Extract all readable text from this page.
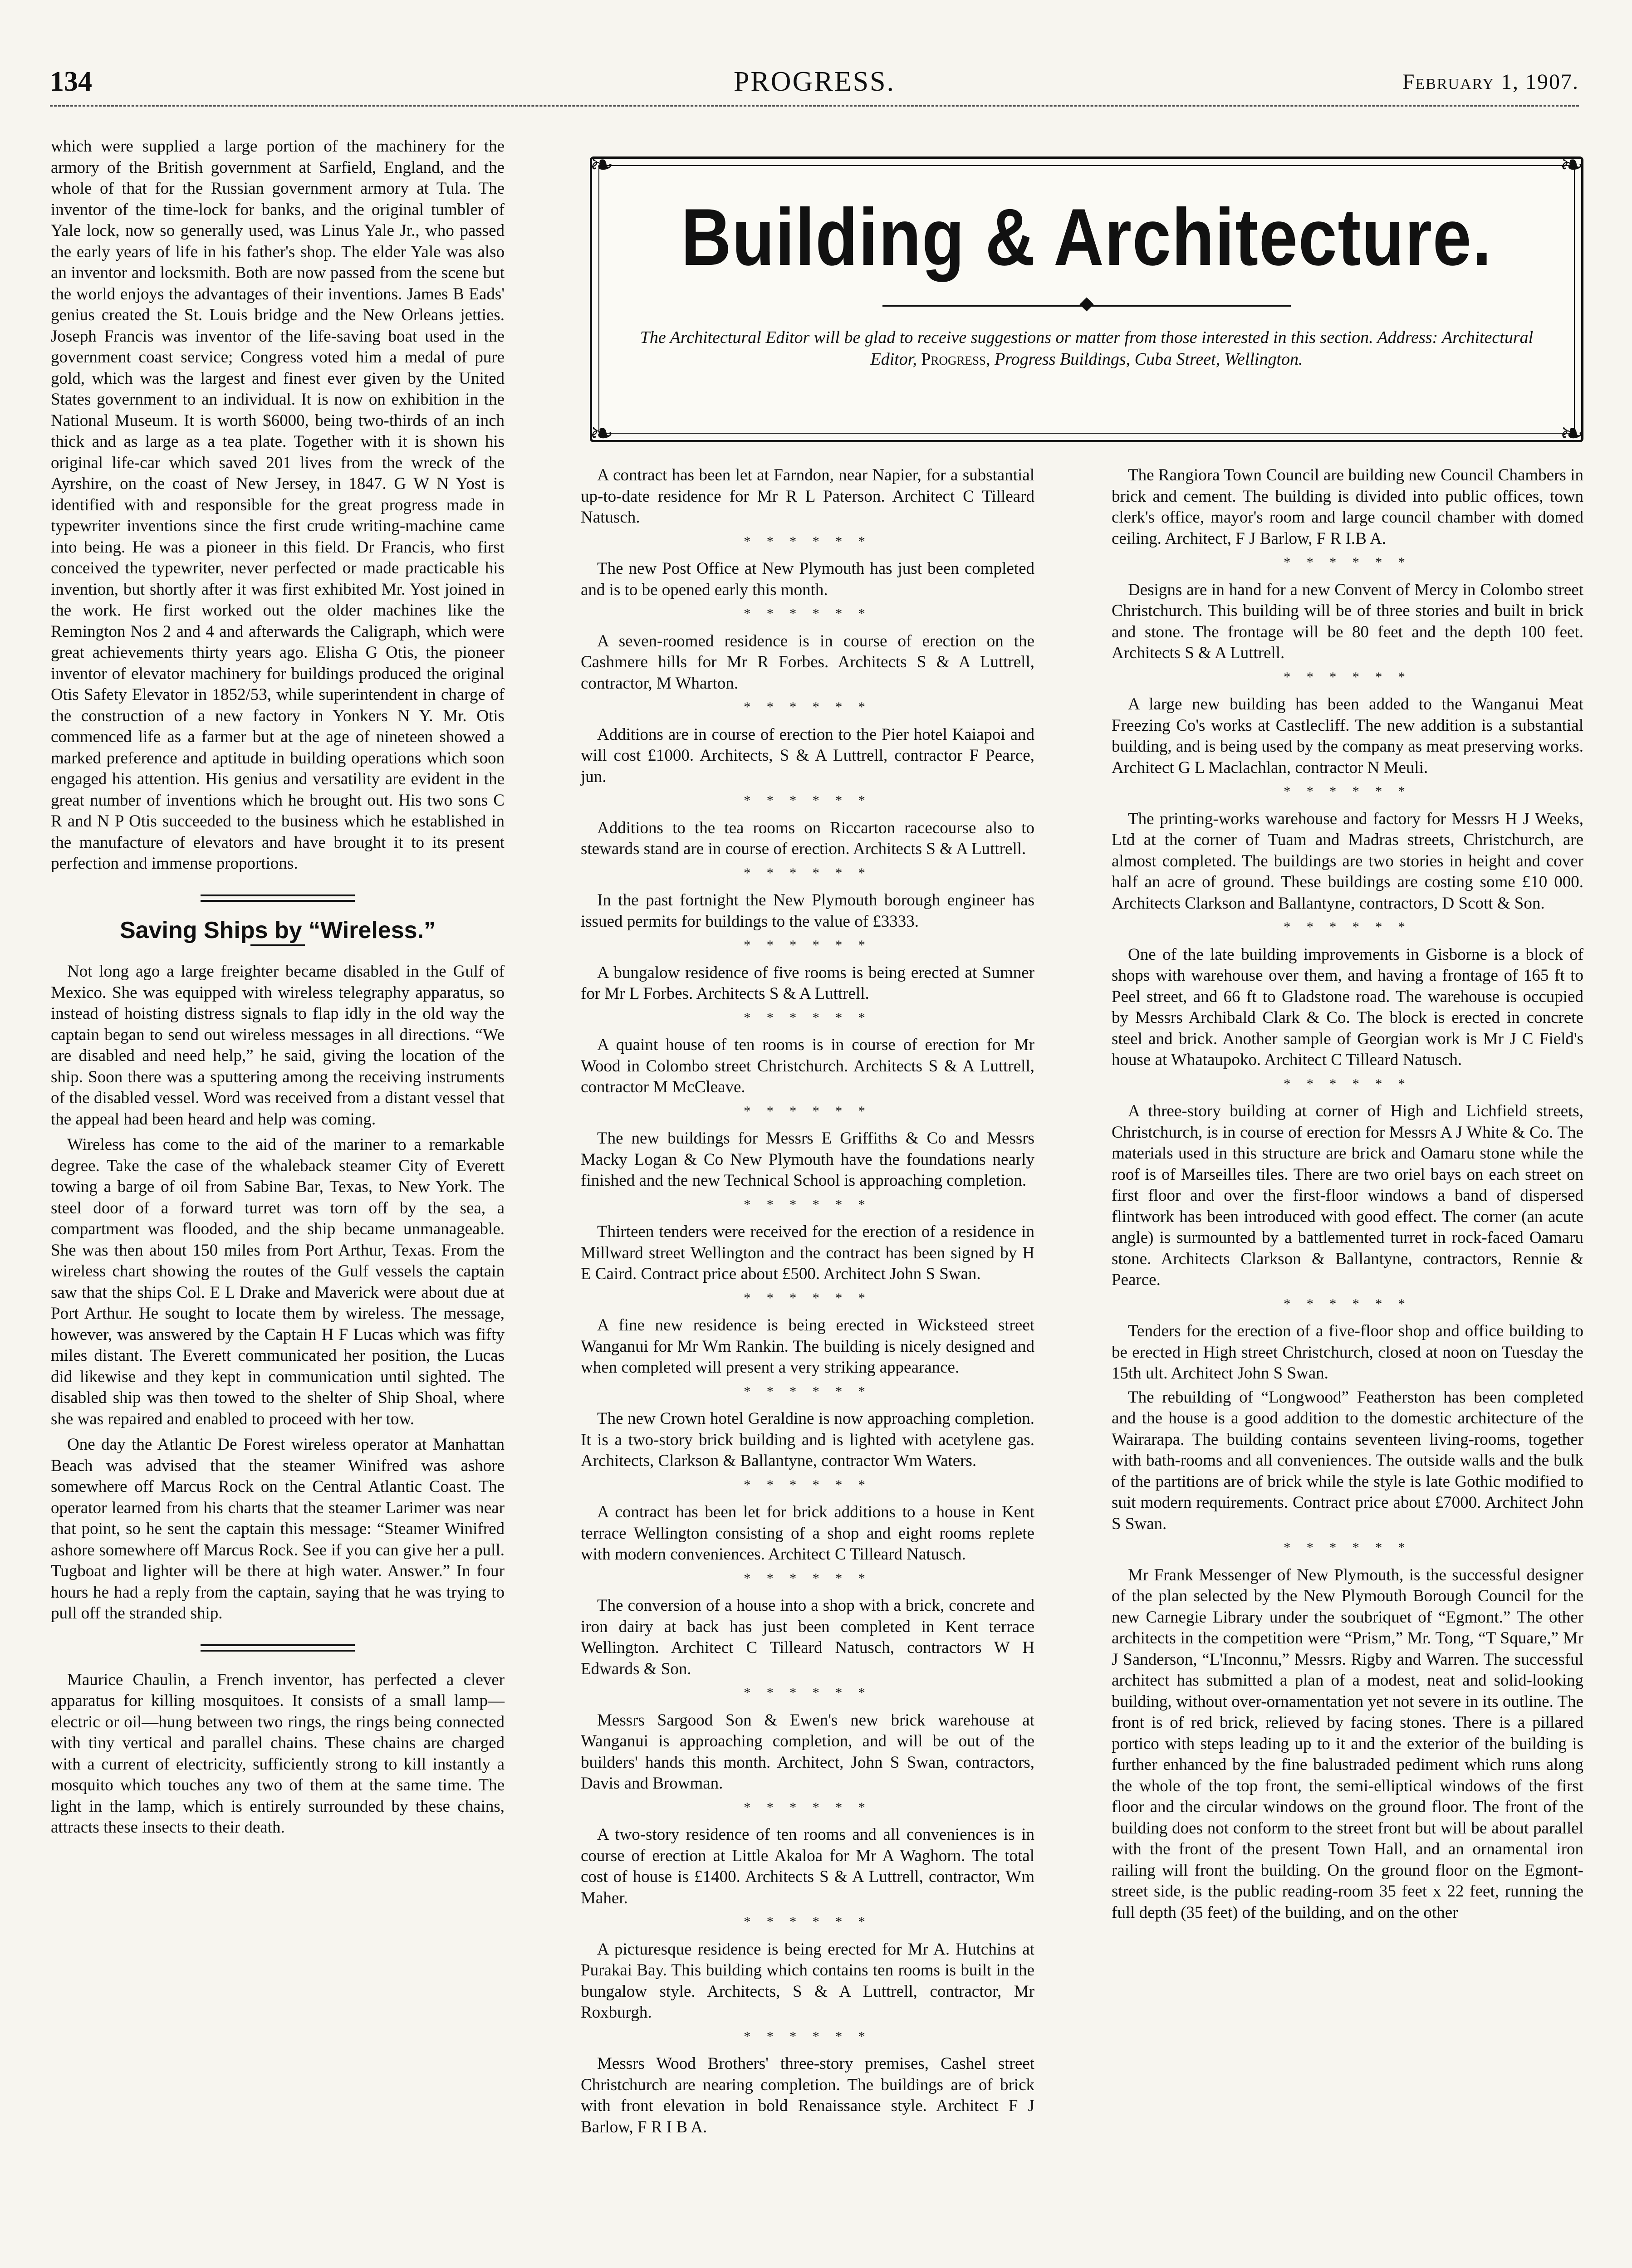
134	PROGRESS.	February 1, 1907.

which were supplied a large portion of the machinery for the armory of the British government at Sarfield, England, and the whole of that for the Russian government armory at Tula. The inventor of the time-lock for banks, and the original tumbler of Yale lock, now so generally used, was Linus Yale Jr., who passed the early years of life in his father's shop. The elder Yale was also an inventor and locksmith. Both are now passed from the scene but the world enjoys the advantages of their inventions. James B Eads' genius created the St. Louis bridge and the New Orleans jetties. Joseph Francis was inventor of the life-saving boat used in the government coast service; Congress voted him a medal of pure gold, which was the largest and finest ever given by the United States government to an individual. It is now on exhibition in the National Museum. It is worth $6000, being two-thirds of an inch thick and as large as a tea plate. Together with it is shown his original life-car which saved 201 lives from the wreck of the Ayrshire, on the coast of New Jersey, in 1847. G W N Yost is identified with and responsible for the great progress made in typewriter inventions since the first crude writing-machine came into being. He was a pioneer in this field. Dr Francis, who first conceived the typewriter, never perfected or made practicable his invention, but shortly after it was first exhibited Mr. Yost joined in the work. He first worked out the older machines like the Remington Nos 2 and 4 and afterwards the Caligraph, which were great achievements thirty years ago. Elisha G Otis, the pioneer inventor of elevator machinery for buildings produced the original Otis Safety Elevator in 1852/53, while superintendent in charge of the construction of a new factory in Yonkers N Y. Mr. Otis commenced life as a farmer but at the age of nineteen showed a marked preference and aptitude in building operations which soon engaged his attention. His genius and versatility are evident in the great number of inventions which he brought out. His two sons C R and N P Otis succeeded to the business which he established in the manufacture of elevators and have brought it to its present perfection and immense proportions.

Saving Ships by “Wireless.”

Not long ago a large freighter became disabled in the Gulf of Mexico. She was equipped with wireless telegraphy apparatus, so instead of hoisting distress signals to flap idly in the old way the captain began to send out wireless messages in all directions. “We are disabled and need help,” he said, giving the location of the ship. Soon there was a sputtering among the receiving instruments of the disabled vessel. Word was received from a distant vessel that the appeal had been heard and help was coming.

Wireless has come to the aid of the mariner to a remarkable degree. Take the case of the whaleback steamer City of Everett towing a barge of oil from Sabine Bar, Texas, to New York. The steel door of a forward turret was torn off by the sea, a compartment was flooded, and the ship became unmanageable. She was then about 150 miles from Port Arthur, Texas. From the wireless chart showing the routes of the Gulf vessels the captain saw that the ships Col. E L Drake and Maverick were about due at Port Arthur. He sought to locate them by wireless. The message, however, was answered by the Captain H F Lucas which was fifty miles distant. The Everett communicated her position, the Lucas did likewise and they kept in communication until sighted. The disabled ship was then towed to the shelter of Ship Shoal, where she was repaired and enabled to proceed with her tow.

One day the Atlantic De Forest wireless operator at Manhattan Beach was advised that the steamer Winifred was ashore somewhere off Marcus Rock on the Central Atlantic Coast. The operator learned from his charts that the steamer Larimer was near that point, so he sent the captain this message: “Steamer Winifred ashore somewhere off Marcus Rock. See if you can give her a pull. Tugboat and lighter will be there at high water. Answer.” In four hours he had a reply from the captain, saying that he was trying to pull off the stranded ship.

Maurice Chaulin, a French inventor, has perfected a clever apparatus for killing mosquitoes. It consists of a small lamp—electric or oil—hung between two rings, the rings being connected with tiny vertical and parallel chains. These chains are charged with a current of electricity, sufficiently strong to kill instantly a mosquito which touches any two of them at the same time. The light in the lamp, which is entirely surrounded by these chains, attracts these insects to their death.

❧	❧
❧	❧
Building & Architecture.
The Architectural Editor will be glad to receive suggestions or matter from those interested in this section. Address: Architectural Editor, Progress, Progress Buildings, Cuba Street, Wellington.

A contract has been let at Farndon, near Napier, for a substantial up-to-date residence for Mr R L Paterson. Architect C Tilleard Natusch.

* * * * * *

The new Post Office at New Plymouth has just been completed and is to be opened early this month.

* * * * * *

A seven-roomed residence is in course of erection on the Cashmere hills for Mr R Forbes. Architects S & A Luttrell, contractor, M Wharton.

* * * * * *

Additions are in course of erection to the Pier hotel Kaiapoi and will cost £1000. Architects, S & A Luttrell, contractor F Pearce, jun.

* * * * * *

Additions to the tea rooms on Riccarton racecourse also to stewards stand are in course of erection. Architects S & A Luttrell.

* * * * * *

In the past fortnight the New Plymouth borough engineer has issued permits for buildings to the value of £3333.

* * * * * *

A bungalow residence of five rooms is being erected at Sumner for Mr L Forbes. Architects S & A Luttrell.

* * * * * *

A quaint house of ten rooms is in course of erection for Mr Wood in Colombo street Christchurch. Architects S & A Luttrell, contractor M McCleave.

* * * * * *

The new buildings for Messrs E Griffiths & Co and Messrs Macky Logan & Co New Plymouth have the foundations nearly finished and the new Technical School is approaching completion.

* * * * * *

Thirteen tenders were received for the erection of a residence in Millward street Wellington and the contract has been signed by H E Caird. Contract price about £500. Architect John S Swan.

* * * * * *

A fine new residence is being erected in Wicksteed street Wanganui for Mr Wm Rankin. The building is nicely designed and when completed will present a very striking appearance.

* * * * * *

The new Crown hotel Geraldine is now approaching completion. It is a two-story brick building and is lighted with acetylene gas. Architects, Clarkson & Ballantyne, contractor Wm Waters.

* * * * * *

A contract has been let for brick additions to a house in Kent terrace Wellington consisting of a shop and eight rooms replete with modern conveniences. Architect C Tilleard Natusch.

* * * * * *

The conversion of a house into a shop with a brick, concrete and iron dairy at back has just been completed in Kent terrace Wellington. Architect C Tilleard Natusch, contractors W H Edwards & Son.

* * * * * *

Messrs Sargood Son & Ewen's new brick warehouse at Wanganui is approaching completion, and will be out of the builders' hands this month. Architect, John S Swan, contractors, Davis and Browman.

* * * * * *

A two-story residence of ten rooms and all conveniences is in course of erection at Little Akaloa for Mr A Waghorn. The total cost of house is £1400. Architects S & A Luttrell, contractor, Wm Maher.

* * * * * *

A picturesque residence is being erected for Mr A. Hutchins at Purakai Bay. This building which contains ten rooms is built in the bungalow style. Architects, S & A Luttrell, contractor, Mr Roxburgh.

* * * * * *

Messrs Wood Brothers' three-story premises, Cashel street Christchurch are nearing completion. The buildings are of brick with front elevation in bold Renaissance style. Architect F J Barlow, F R I B A.

The Rangiora Town Council are building new Council Chambers in brick and cement. The building is divided into public offices, town clerk's office, mayor's room and large council chamber with domed ceiling. Architect, F J Barlow, F R I.B A.

* * * * * *

Designs are in hand for a new Convent of Mercy in Colombo street Christchurch. This building will be of three stories and built in brick and stone. The frontage will be 80 feet and the depth 100 feet. Architects S & A Luttrell.

* * * * * *

A large new building has been added to the Wanganui Meat Freezing Co's works at Castlecliff. The new addition is a substantial building, and is being used by the company as meat preserving works. Architect G L Maclachlan, contractor N Meuli.

* * * * * *

The printing-works warehouse and factory for Messrs H J Weeks, Ltd at the corner of Tuam and Madras streets, Christchurch, are almost completed. The buildings are two stories in height and cover half an acre of ground. These buildings are costing some £10 000. Architects Clarkson and Ballantyne, contractors, D Scott & Son.

* * * * * *

One of the late building improvements in Gisborne is a block of shops with warehouse over them, and having a frontage of 165 ft to Peel street, and 66 ft to Gladstone road. The warehouse is occupied by Messrs Archibald Clark & Co. The block is erected in concrete steel and brick. Another sample of Georgian work is Mr J C Field's house at Whataupoko. Architect C Tilleard Natusch.

* * * * * *

A three-story building at corner of High and Lichfield streets, Christchurch, is in course of erection for Messrs A J White & Co. The materials used in this structure are brick and Oamaru stone while the roof is of Marseilles tiles. There are two oriel bays on each street on first floor and over the first-floor windows a band of dispersed flintwork has been introduced with good effect. The corner (an acute angle) is surmounted by a battlemented turret in rock-faced Oamaru stone. Architects Clarkson & Ballantyne, contractors, Rennie & Pearce.

* * * * * *

Tenders for the erection of a five-floor shop and office building to be erected in High street Christchurch, closed at noon on Tuesday the 15th ult. Architect John S Swan.

The rebuilding of “Longwood” Featherston has been completed and the house is a good addition to the domestic architecture of the Wairarapa. The building contains seventeen living-rooms, together with bath-rooms and all conveniences. The outside walls and the bulk of the partitions are of brick while the style is late Gothic modified to suit modern requirements. Contract price about £7000. Architect John S Swan.

* * * * * *

Mr Frank Messenger of New Plymouth, is the successful designer of the plan selected by the New Plymouth Borough Council for the new Carnegie Library under the soubriquet of “Egmont.” The other architects in the competition were “Prism,” Mr. Tong, “T Square,” Mr J Sanderson, “L'Inconnu,” Messrs. Rigby and Warren. The successful architect has submitted a plan of a modest, neat and solid-looking building, without over-ornamentation yet not severe in its outline. The front is of red brick, relieved by facing stones. There is a pillared portico with steps leading up to it and the exterior of the building is further enhanced by the fine balustraded pediment which runs along the whole of the top front, the semi-elliptical windows of the first floor and the circular windows on the ground floor. The front of the building does not conform to the street front but will be about parallel with the front of the present Town Hall, and an ornamental iron railing will front the building. On the ground floor on the Egmont-street side, is the public reading-room 35 feet x 22 feet, running the full depth (35 feet) of the building, and on the other
